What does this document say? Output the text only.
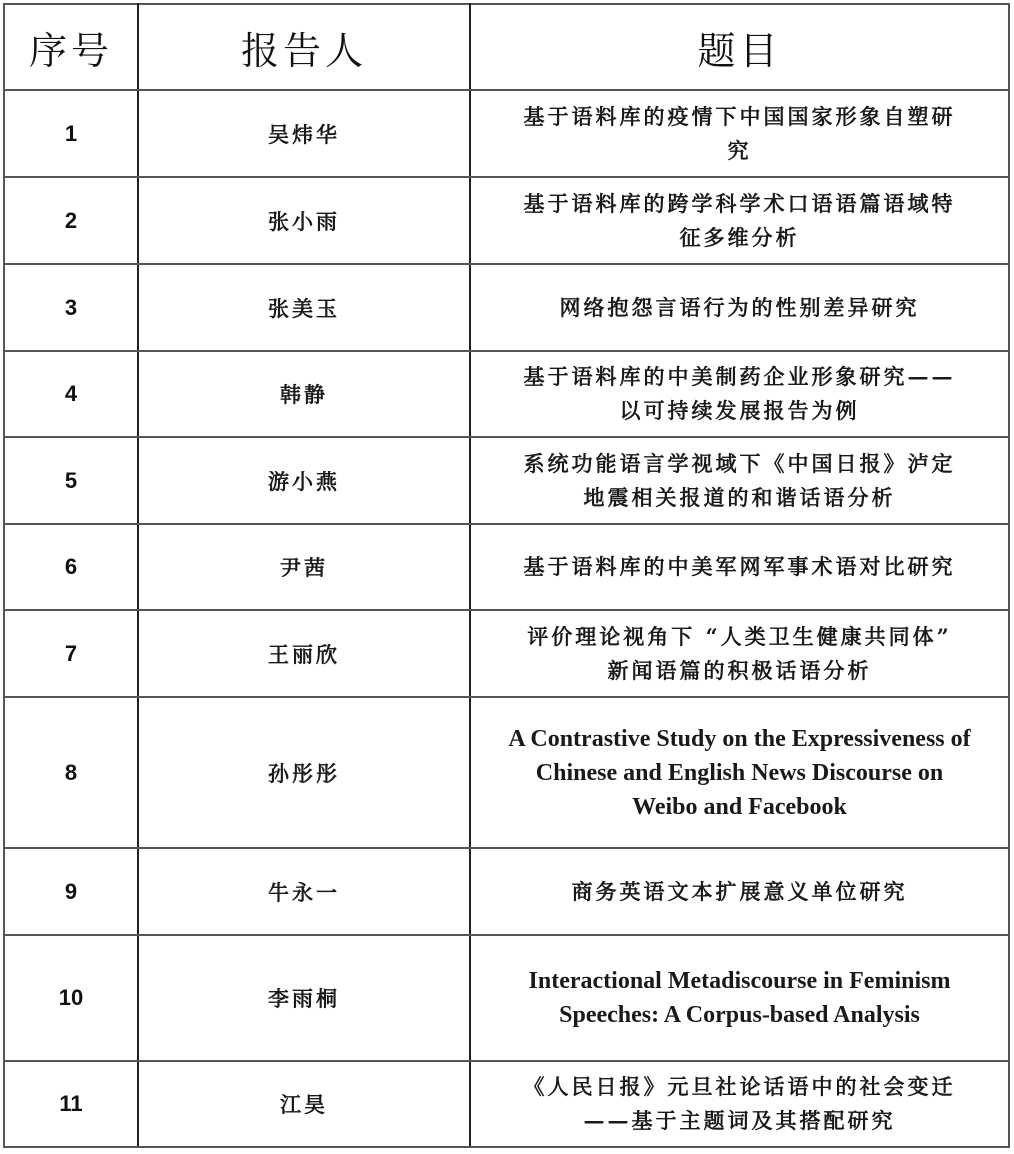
序号	报告人	题目
1	吴炜华	基于语料库的疫情下中国国家形象自塑研
究

2	张小雨	基于语料库的跨学科学术口语语篇语域特
征多维分析

3	张美玉	网络抱怨言语行为的性别差异研究

4	韩静	基于语料库的中美制药企业形象研究——
以可持续发展报告为例

5	游小燕	系统功能语言学视域下《中国日报》泸定
地震相关报道的和谐话语分析

6	尹茜	基于语料库的中美军网军事术语对比研究

7	王丽欣	评价理论视角下 “人类卫生健康共同体”
新闻语篇的积极话语分析

8	孙彤彤	A Contrastive Study on the Expressiveness of
Chinese and English News Discourse on
Weibo and Facebook

9	牛永一	商务英语文本扩展意义单位研究

10	李雨桐	Interactional Metadiscourse in Feminism
Speeches: A Corpus-based Analysis

11	江昊	《人民日报》元旦社论话语中的社会变迁
——基于主题词及其搭配研究
